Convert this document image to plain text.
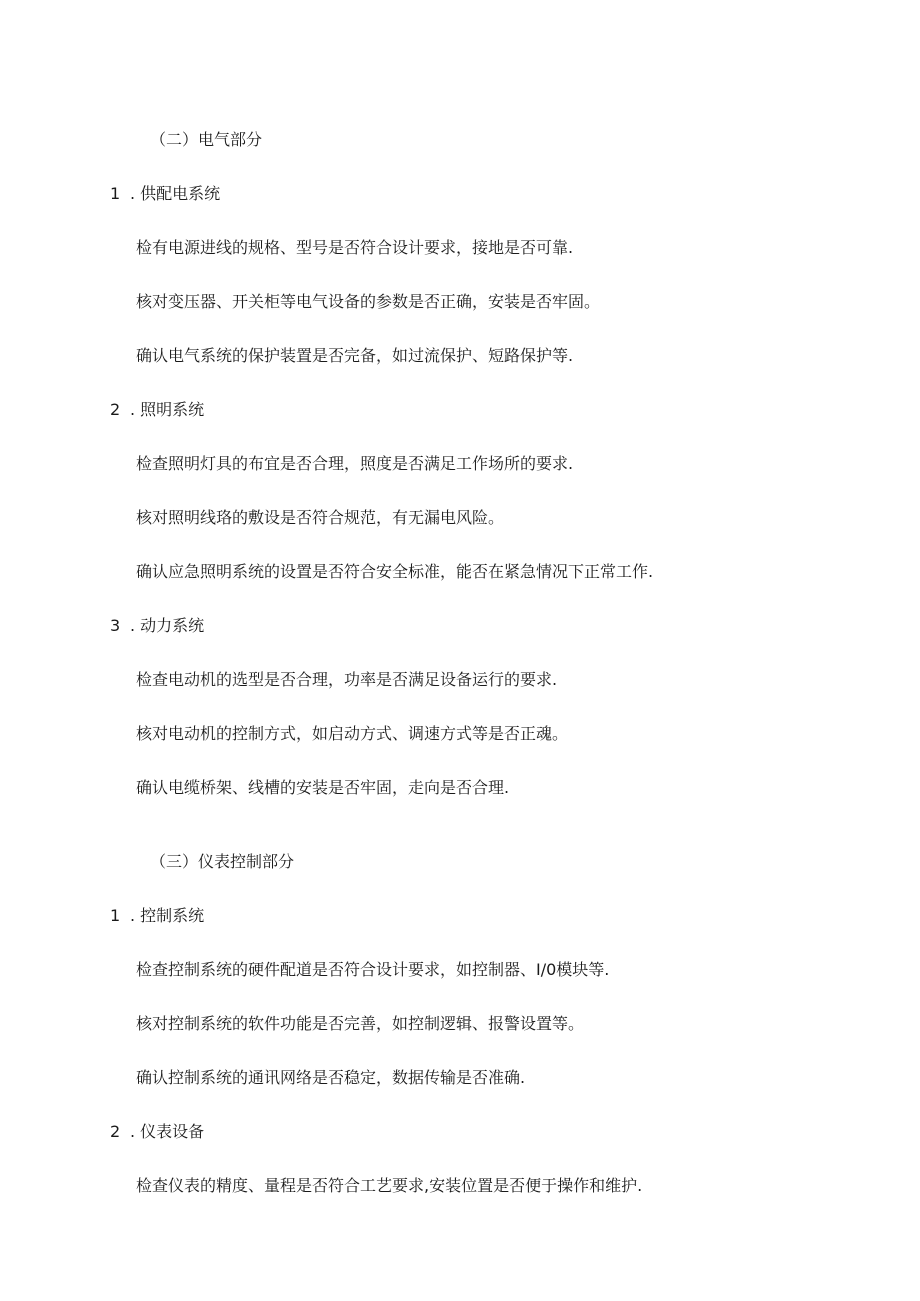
（二）电气部分
1 . 供配电系统
检有电源进线的规格、型号是否符合设计要求，接地是否可靠.
核对变压器、开关柜等电气设备的参数是否正确，安装是否牢固。
确认电气系统的保护装置是否完备，如过流保护、短路保护等.
2 . 照明系统
检查照明灯具的布宜是否合理，照度是否满足工作场所的要求.
核对照明线珞的敷设是否符合规范，有无漏电风险。
确认应急照明系统的设置是否符合安全标准，能否在紧急情况下正常工作.
3 . 动力系统
检查电动机的选型是否合理，功率是否满足设备运行的要求.
核对电动机的控制方式，如启动方式、调速方式等是否正魂。
确认电缆桥架、线槽的安装是否牢固，走向是否合理.
（三）仪表控制部分
1 . 控制系统
检查控制系统的硬件配道是否符合设计要求，如控制器、I/0模块等.
核对控制系统的软件功能是否完善，如控制逻辑、报警设置等。
确认控制系统的通讯网络是否稳定，数据传输是否准确.
2 . 仪表设备
检查仪表的精度、量程是否符合工艺要求,安装位置是否便于操作和维护.
